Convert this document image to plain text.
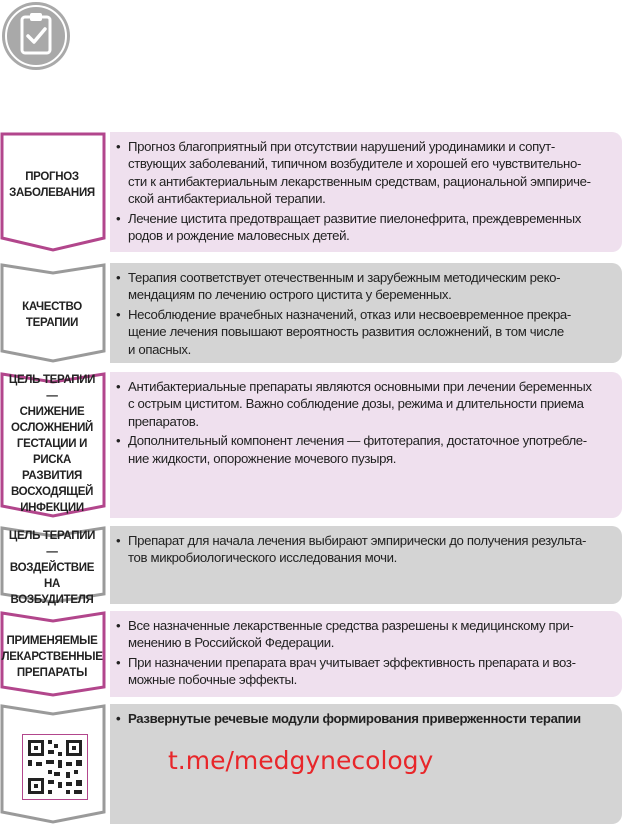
ПРОГНОЗ
ЗАБОЛЕВАНИЯ
• Прогноз благоприятный при отсутствии нарушений уродинамики и сопут-
ствующих заболеваний, типичном возбудителе и хорошей его чувствительно-
сти к антибактериальным лекарственным средствам, рациональной эмпириче-
ской антибактериальной терапии.
• Лечение цистита предотвращает развитие пиелонефрита, преждевременных
родов и рождение маловесных детей.
КАЧЕСТВО
ТЕРАПИИ
• Терапия соответствует отечественным и зарубежным методическим реко-
мендациям по лечению острого цистита у беременных.
• Несоблюдение врачебных назначений, отказ или несвоевременное прекра-
щение лечения повышают вероятность развития осложнений, в том числе
и опасных.
ЦЕЛЬ ТЕРАПИИ —
СНИЖЕНИЕ
ОСЛОЖНЕНИЙ
ГЕСТАЦИИ И РИСКА
РАЗВИТИЯ
ВОСХОДЯЩЕЙ
ИНФЕКЦИИ
• Антибактериальные препараты являются основными при лечении беременных
с острым циститом. Важно соблюдение дозы, режима и длительности приема
препаратов.
• Дополнительный компонент лечения — фитотерапия, достаточное употребле-
ние жидкости, опорожнение мочевого пузыря.
ЦЕЛЬ ТЕРАПИИ —
ВОЗДЕЙСТВИЕ
НА ВОЗБУДИТЕЛЯ
• Препарат для начала лечения выбирают эмпирически до получения результа-
тов микробиологического исследования мочи.
ПРИМЕНЯЕМЫЕ
ЛЕКАРСТВЕННЫЕ
ПРЕПАРАТЫ
• Все назначенные лекарственные средства разрешены к медицинскому при-
менению в Российской Федерации.
• При назначении препарата врач учитывает эффективность препарата и воз-
можные побочные эффекты.
• Развернутые речевые модули формирования приверженности терапии
t.me/medgynecology
